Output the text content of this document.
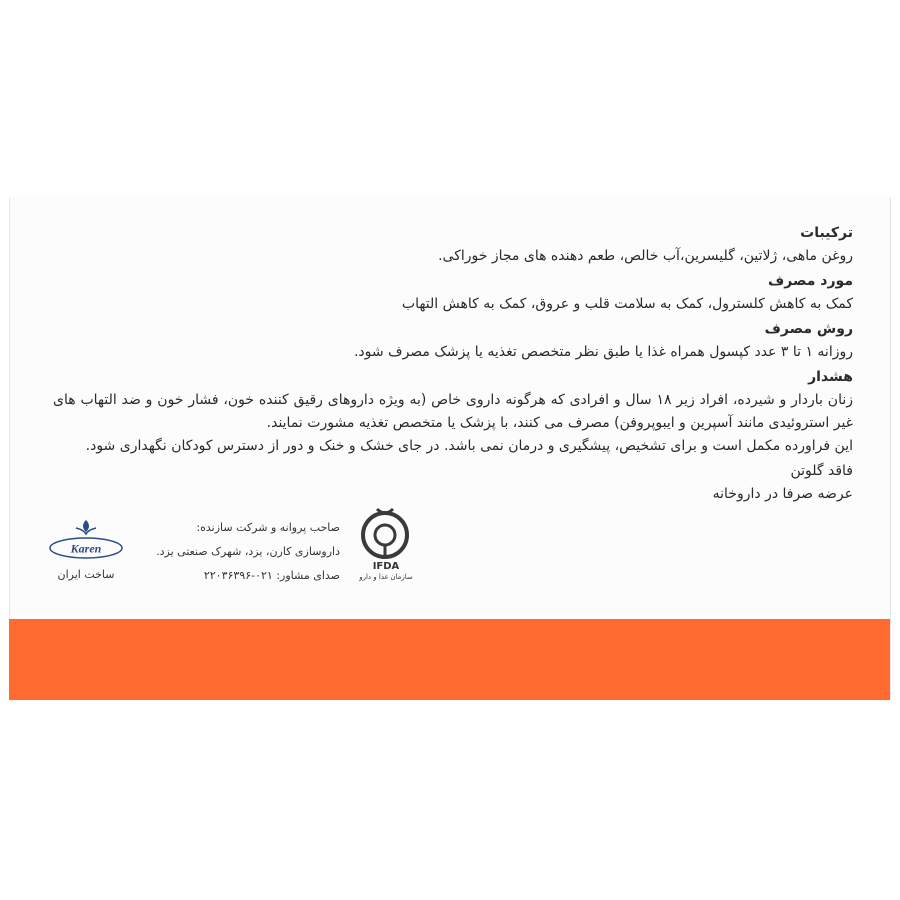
ترکیبات
روغن ماهی، ژلاتین، گلیسرین،آب خالص، طعم دهنده های مجاز خوراکی.
مورد مصرف
کمک به کاهش کلسترول، کمک به سلامت قلب و عروق، کمک به کاهش التهاب
روش مصرف
روزانه ۱ تا ۳ عدد کپسول همراه غذا یا طبق نظر متخصص تغذیه یا پزشک مصرف شود.
هشدار
زنان باردار و شیرده، افراد زیر ۱۸ سال و افرادی که هرگونه داروی خاص (به ویژه داروهای رقیق کننده خون، فشار خون و ضد التهاب های غیر استروئیدی مانند آسپرین و ایبوپروفن) مصرف می کنند، با پزشک یا متخصص تغذیه مشورت نمایند.
این فراورده مکمل است و برای تشخیص، پیشگیری و درمان نمی باشد. در جای خشک و خنک و دور از دسترس کودکان نگهداری شود.
فاقد گلوتن
عرضه صرفا در داروخانه
IFDA
سازمان غذا و دارو
صاحب پروانه و شرکت سازنده:
داروسازی کارن، یزد، شهرک صنعتی یزد.
صدای مشاور: ۰۲۱-۲۲۰۳۶۳۹۶
Karen
ساخت ایران
